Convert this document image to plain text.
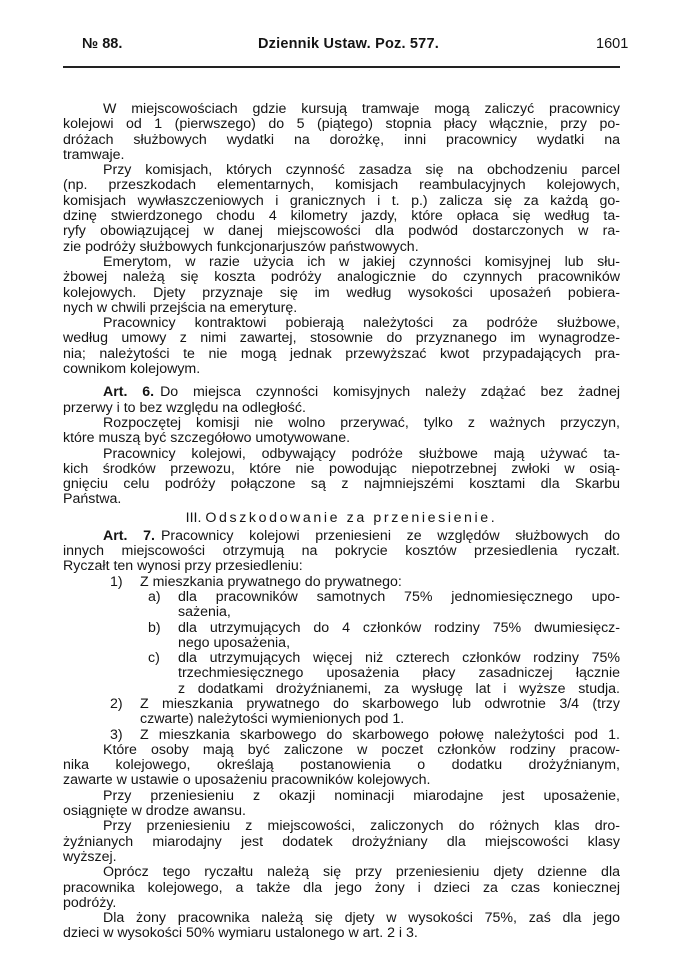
№ 88.	Dziennik Ustaw. Poz. 577.	1601
W miejscowościach gdzie kursują tramwaje mogą zaliczyć pracownicy
kolejowi od 1 (pierwszego) do 5 (piątego) stopnia płacy włącznie, przy po-
dróżach służbowych wydatki na dorożkę, inni pracownicy wydatki na
tramwaje.
Przy komisjach, których czynność zasadza się na obchodzeniu parcel
(np. przeszkodach elementarnych, komisjach reambulacyjnych kolejowych,
komisjach wywłaszczeniowych i granicznych i t. p.) zalicza się za każdą go-
dzinę stwierdzonego chodu 4 kilometry jazdy, które opłaca się według ta-
ryfy obowiązującej w danej miejscowości dla podwód dostarczonych w ra-
zie podróży służbowych funkcjonarjuszów państwowych.
Emerytom, w razie użycia ich w jakiej czynności komisyjnej lub słu-
żbowej należą się koszta podróży analogicznie do czynnych pracowników
kolejowych. Djety przyznaje się im według wysokości uposażeń pobiera-
nych w chwili przejścia na emeryturę.
Pracownicy kontraktowi pobierają należytości za podróże służbowe,
według umowy z nimi zawartej, stosownie do przyznanego im wynagrodze-
nia; należytości te nie mogą jednak przewyższać kwot przypadających pra-
cownikom kolejowym.
Art. 6. Do miejsca czynności komisyjnych należy zdążać bez żadnej
przerwy i to bez względu na odległość.
Rozpoczętej komisji nie wolno przerywać, tylko z ważnych przyczyn,
które muszą być szczegółowo umotywowane.
Pracownicy kolejowi, odbywający podróże służbowe mają używać ta-
kich środków przewozu, które nie powodując niepotrzebnej zwłoki w osią-
gnięciu celu podróży połączone są z najmniejszémi kosztami dla Skarbu
Państwa.
III. Odszkodowanie za przeniesienie.
Art. 7. Pracownicy kolejowi przeniesieni ze względów służbowych do
innych miejscowości otrzymują na pokrycie kosztów przesiedlenia ryczałt.
Ryczałt ten wynosi przy przesiedleniu:
1)	Z mieszkania prywatnego do prywatnego:
a)	dla pracowników samotnych 75% jednomiesięcznego upo-
sażenia,
b)	dla utrzymujących do 4 członków rodziny 75% dwumiesięcz-
nego uposażenia,
c)	dla utrzymujących więcej niż czterech członków rodziny 75%
trzechmiesięcznego uposażenia płacy zasadniczej łącznie
z dodatkami drożyźnianemi, za wysługę lat i wyższe studja.
2)	Z mieszkania prywatnego do skarbowego lub odwrotnie 3/4 (trzy
czwarte) należytości wymienionych pod 1.
3)	Z mieszkania skarbowego do skarbowego połowę należytości pod 1.
Które osoby mają być zaliczone w poczet członków rodziny pracow-
nika kolejowego, określają postanowienia o dodatku drożyźnianym,
zawarte w ustawie o uposażeniu pracowników kolejowych.
Przy przeniesieniu z okazji nominacji miarodajne jest uposażenie,
osiągnięte w drodze awansu.
Przy przeniesieniu z miejscowości, zaliczonych do różnych klas dro-
żyźnianych miarodajny jest dodatek drożyźniany dla miejscowości klasy
wyższej.
Oprócz tego ryczałtu należą się przy przeniesieniu djety dzienne dla
pracownika kolejowego, a także dla jego żony i dzieci za czas koniecznej
podróży.
Dla żony pracownika należą się djety w wysokości 75%, zaś dla jego
dzieci w wysokości 50% wymiaru ustalonego w art. 2 i 3.
